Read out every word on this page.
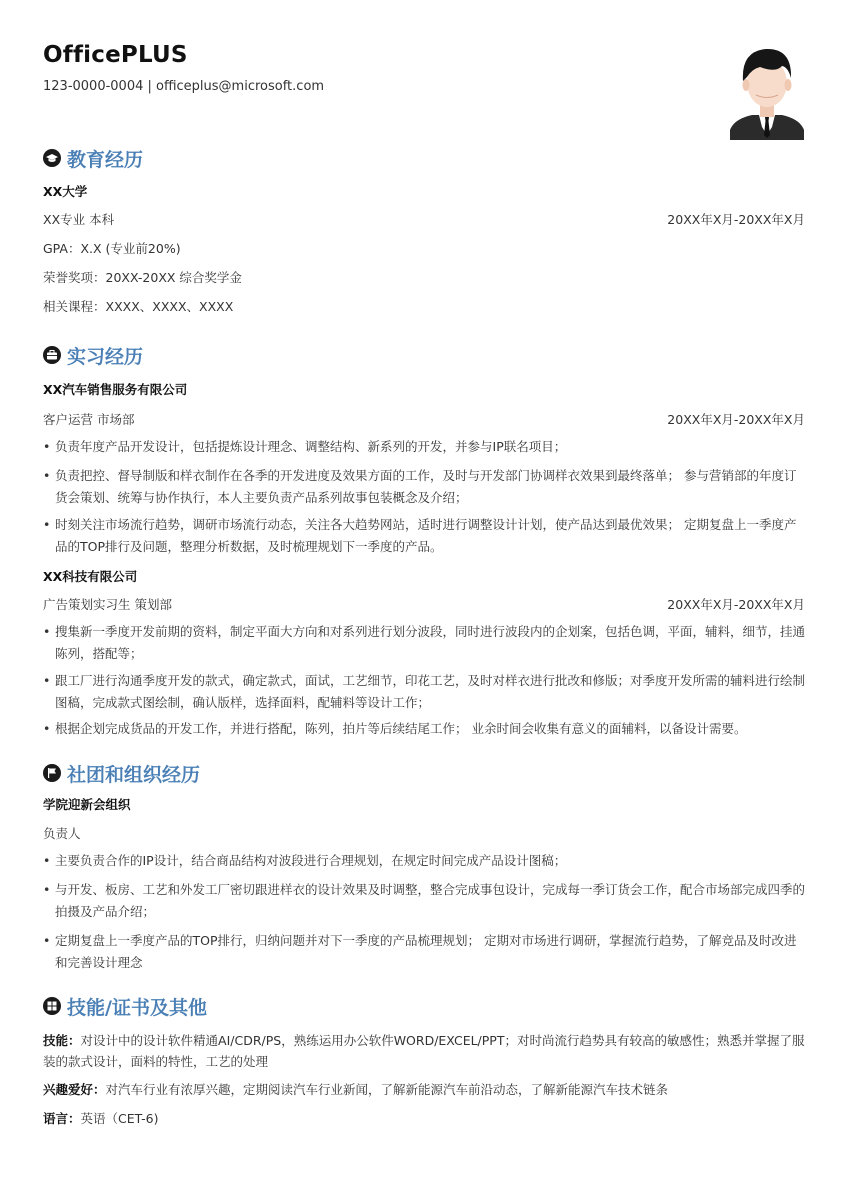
OfficePLUS
123-0000-0004 | officeplus@microsoft.com
教育经历
XX大学
XX专业 本科	20XX年X月-20XX年X月
GPA：X.X (专业前20%)
荣誉奖项：20XX-20XX 综合奖学金
相关课程：XXXX、XXXX、XXXX
实习经历
XX汽车销售服务有限公司
客户运营 市场部	20XX年X月-20XX年X月
• 负责年度产品开发设计，包括提炼设计理念、调整结构、新系列的开发，并参与IP联名项目；
• 负责把控、督导制版和样衣制作在各季的开发进度及效果方面的工作，及时与开发部门协调样衣效果到最终落单； 参与营销部的年度订货会策划、统筹与协作执行，本人主要负责产品系列故事包装概念及介绍；
• 时刻关注市场流行趋势，调研市场流行动态，关注各大趋势网站，适时进行调整设计计划，使产品达到最优效果； 定期复盘上一季度产品的TOP排行及问题，整理分析数据，及时梳理规划下一季度的产品。
XX科技有限公司
广告策划实习生 策划部	20XX年X月-20XX年X月
• 搜集新一季度开发前期的资料，制定平面大方向和对系列进行划分波段，同时进行波段内的企划案，包括色调，平面，辅料，细节，挂通陈列，搭配等；
• 跟工厂进行沟通季度开发的款式，确定款式，面试，工艺细节，印花工艺，及时对样衣进行批改和修版；对季度开发所需的辅料进行绘制图稿，完成款式图绘制，确认版样，选择面料，配辅料等设计工作；
• 根据企划完成货品的开发工作，并进行搭配，陈列，拍片等后续结尾工作； 业余时间会收集有意义的面辅料，以备设计需要。
社团和组织经历
学院迎新会组织
负责人
• 主要负责合作的IP设计，结合商品结构对波段进行合理规划，在规定时间完成产品设计图稿；
• 与开发、板房、工艺和外发工厂密切跟进样衣的设计效果及时调整，整合完成事包设计，完成每一季订货会工作，配合市场部完成四季的拍摄及产品介绍；
• 定期复盘上一季度产品的TOP排行，归纳问题并对下一季度的产品梳理规划； 定期对市场进行调研，掌握流行趋势，了解竞品及时改进和完善设计理念
技能/证书及其他
技能：对设计中的设计软件精通AI/CDR/PS，熟练运用办公软件WORD/EXCEL/PPT；对时尚流行趋势具有较高的敏感性；熟悉并掌握了服装的款式设计，面料的特性，工艺的处理
兴趣爱好：对汽车行业有浓厚兴趣，定期阅读汽车行业新闻，了解新能源汽车前沿动态，了解新能源汽车技术链条
语言：英语（CET-6)
